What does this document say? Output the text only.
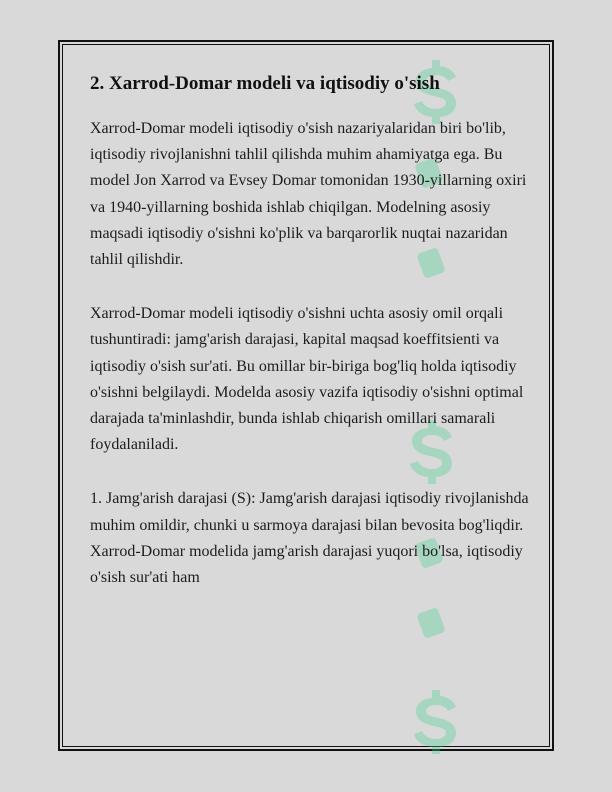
2. Xarrod-Domar modeli va iqtisodiy o'sish

Xarrod-Domar modeli iqtisodiy o'sish nazariyalaridan biri bo'lib, iqtisodiy rivojlanishni tahlil qilishda muhim ahamiyatga ega. Bu model Jon Xarrod va Evsey Domar tomonidan 1930-yillarning oxiri va 1940-yillarning boshida ishlab chiqilgan. Modelning asosiy maqsadi iqtisodiy o'sishni ko'plik va barqarorlik nuqtai nazaridan tahlil qilishdir.

Xarrod-Domar modeli iqtisodiy o'sishni uchta asosiy omil orqali tushuntiradi: jamg'arish darajasi, kapital maqsad koeffitsienti va iqtisodiy o'sish sur'ati. Bu omillar bir-biriga bog'liq holda iqtisodiy o'sishni belgilaydi. Modelda asosiy vazifa iqtisodiy o'sishni optimal darajada ta'minlashdir, bunda ishlab chiqarish omillari samarali foydalaniladi.

1. Jamg'arish darajasi (S): Jamg'arish darajasi iqtisodiy rivojlanishda muhim omildir, chunki u sarmoya darajasi bilan bevosita bog'liqdir. Xarrod-Domar modelida jamg'arish darajasi yuqori bo'lsa, iqtisodiy o'sish sur'ati ham
